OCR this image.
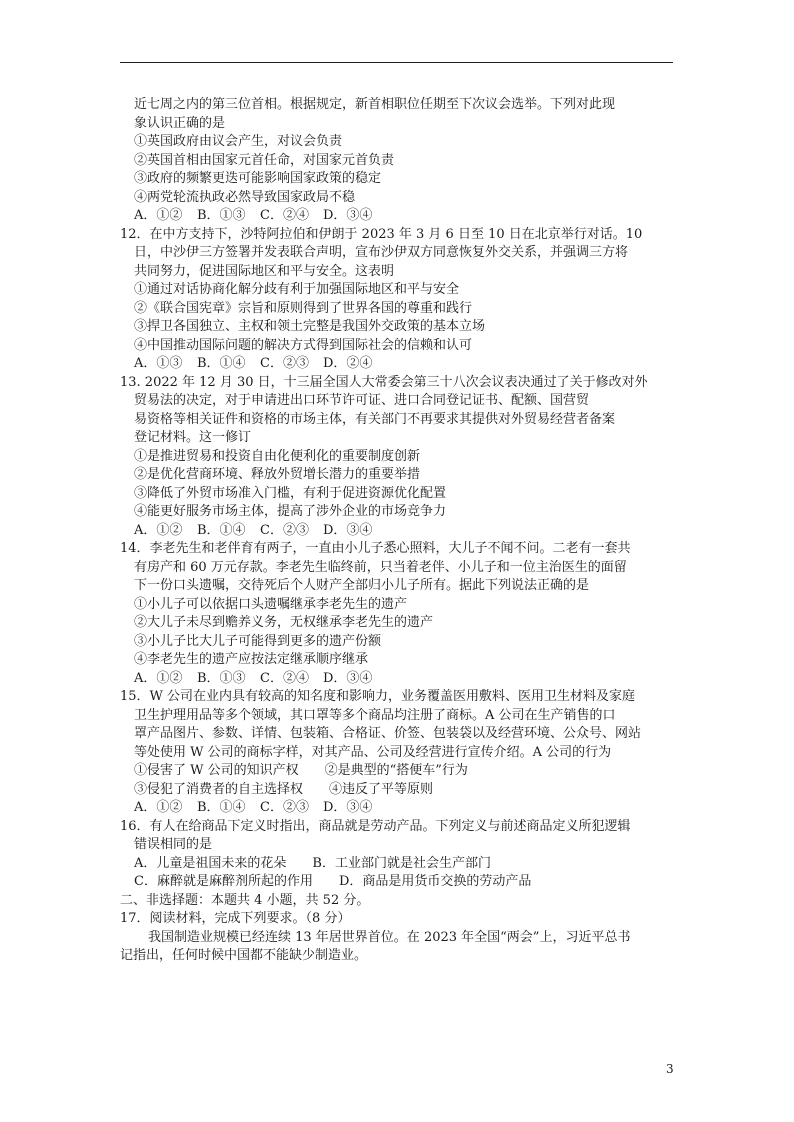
近七周之内的第三位首相。根据规定，新首相职位任期至下次议会选举。下列对此现
象认识正确的是
①英国政府由议会产生，对议会负责
②英国首相由国家元首任命，对国家元首负责
③政府的频繁更迭可能影响国家政策的稳定
④两党轮流执政必然导致国家政局不稳
A．①② B．①③ C．②④ D．③④
12．在中方支持下，沙特阿拉伯和伊朗于 2023 年 3 月 6 日至 10 日在北京举行对话。10
日，中沙伊三方签署并发表联合声明，宣布沙伊双方同意恢复外交关系，并强调三方将
共同努力，促进国际地区和平与安全。这表明
①通过对话协商化解分歧有利于加强国际地区和平与安全
②《联合国宪章》宗旨和原则得到了世界各国的尊重和践行
③捍卫各国独立、主权和领土完整是我国外交政策的基本立场
④中国推动国际问题的解决方式得到国际社会的信赖和认可
A．①③ B．①④ C．②③ D．②④
13. 2022 年 12 月 30 日，十三届全国人大常委会第三十八次会议表决通过了关于修改对外
贸易法的决定，对于申请进出口环节许可证、进口合同登记证书、配额、国营贸
易资格等相关证件和资格的市场主体，有关部门不再要求其提供对外贸易经营者备案
登记材料。这一修订
①是推进贸易和投资自由化便利化的重要制度创新
②是优化营商环境、释放外贸增长潜力的重要举措
③降低了外贸市场准入门槛，有利于促进资源优化配置
④能更好服务市场主体，提高了涉外企业的市场竞争力
A．①② B．①④ C．②③ D．③④
14．李老先生和老伴育有两子，一直由小儿子悉心照料，大儿子不闻不问。二老有一套共
有房产和 60 万元存款。李老先生临终前，只当着老伴、小儿子和一位主治医生的面留
下一份口头遗嘱，交待死后个人财产全部归小儿子所有。据此下列说法正确的是
①小儿子可以依据口头遗嘱继承李老先生的遗产
②大儿子未尽到赡养义务，无权继承李老先生的遗产
③小儿子比大儿子可能得到更多的遗产份额
④李老先生的遗产应按法定继承顺序继承
A．①② B．①③ C．②④ D．③④
15．W 公司在业内具有较高的知名度和影响力，业务覆盖医用敷料、医用卫生材料及家庭
卫生护理用品等多个领域，其口罩等多个商品均注册了商标。A 公司在生产销售的口
罩产品图片、参数、详情、包装箱、合格证、价签、包装袋以及经营环境、公众号、网站
等处使用 W 公司的商标字样，对其产品、公司及经营进行宣传介绍。A 公司的行为
①侵害了 W 公司的知识产权　　②是典型的“搭便车”行为
③侵犯了消费者的自主选择权　　④违反了平等原则
A．①② B．①④ C．②③ D．③④
16．有人在给商品下定义时指出，商品就是劳动产品。下列定义与前述商品定义所犯逻辑
错误相同的是
A．儿童是祖国未来的花朵　　B．工业部门就是社会生产部门
C．麻醉就是麻醉剂所起的作用　　D．商品是用货币交换的劳动产品
二、非选择题：本题共 4 小题，共 52 分。
17．阅读材料，完成下列要求。（8 分）
我国制造业规模已经连续 13 年居世界首位。在 2023 年全国“两会”上，习近平总书
记指出，任何时候中国都不能缺少制造业。
3
